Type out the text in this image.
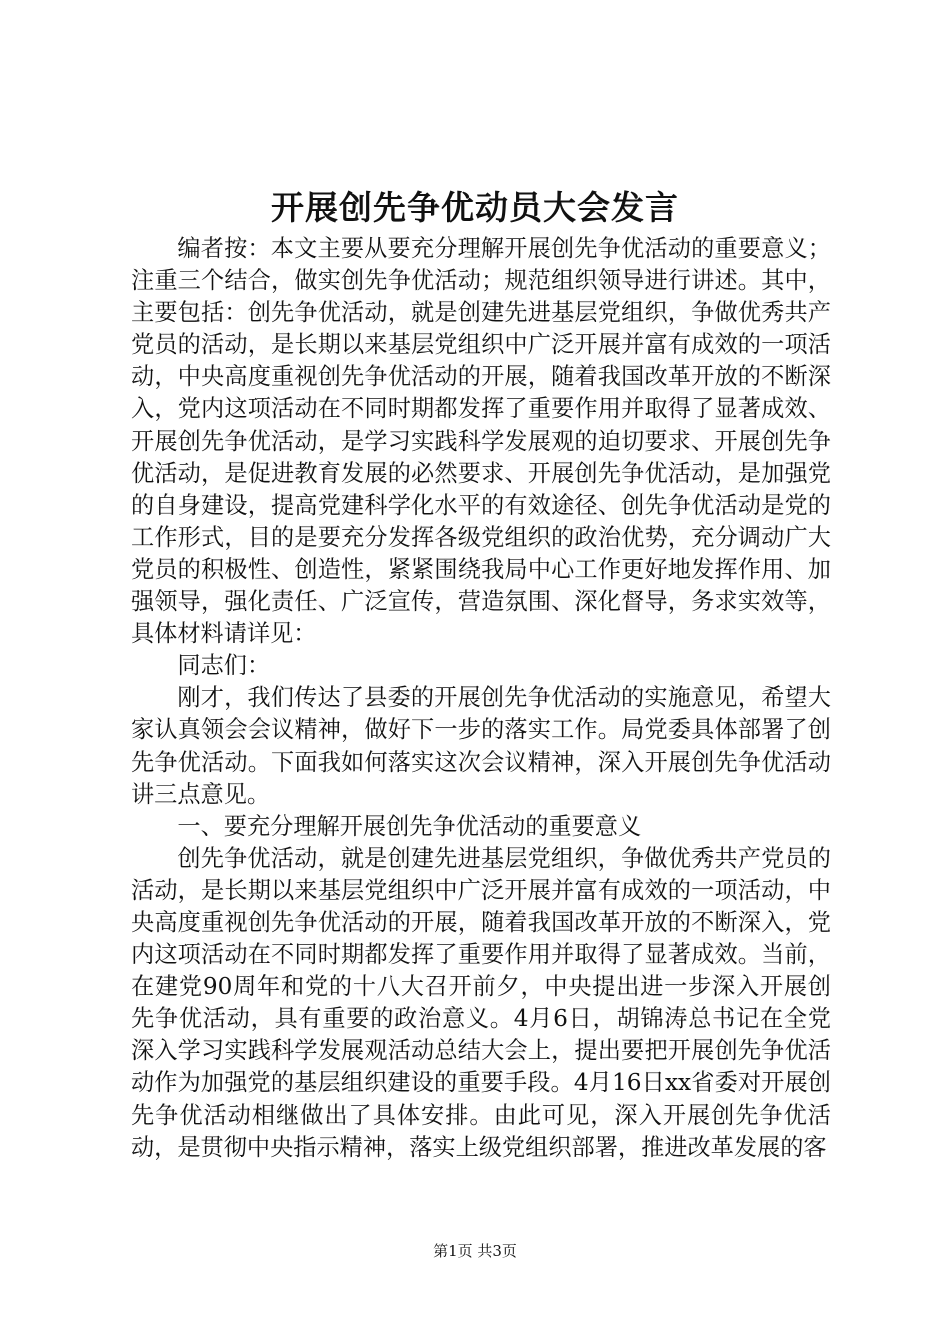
开展创先争优动员大会发言

编者按：本文主要从要充分理解开展创先争优活动的重要意义；注重三个结合，做实创先争优活动；规范组织领导进行讲述。其中，主要包括：创先争优活动，就是创建先进基层党组织，争做优秀共产党员的活动，是长期以来基层党组织中广泛开展并富有成效的一项活动，中央高度重视创先争优活动的开展，随着我国改革开放的不断深入，党内这项活动在不同时期都发挥了重要作用并取得了显著成效、开展创先争优活动，是学习实践科学发展观的迫切要求、开展创先争优活动，是促进教育发展的必然要求、开展创先争优活动，是加强党的自身建设，提高党建科学化水平的有效途径、创先争优活动是党的工作形式，目的是要充分发挥各级党组织的政治优势，充分调动广大党员的积极性、创造性，紧紧围绕我局中心工作更好地发挥作用、加强领导，强化责任、广泛宣传，营造氛围、深化督导，务求实效等，具体材料请详见：

同志们：

刚才，我们传达了县委的开展创先争优活动的实施意见，希望大家认真领会会议精神，做好下一步的落实工作。局党委具体部署了创先争优活动。下面我如何落实这次会议精神，深入开展创先争优活动讲三点意见。

一、要充分理解开展创先争优活动的重要意义

创先争优活动，就是创建先进基层党组织，争做优秀共产党员的活动，是长期以来基层党组织中广泛开展并富有成效的一项活动，中央高度重视创先争优活动的开展，随着我国改革开放的不断深入，党内这项活动在不同时期都发挥了重要作用并取得了显著成效。当前，在建党90周年和党的十八大召开前夕，中央提出进一步深入开展创先争优活动，具有重要的政治意义。4月6日，胡锦涛总书记在全党深入学习实践科学发展观活动总结大会上，提出要把开展创先争优活动作为加强党的基层组织建设的重要手段。4月16日xx省委对开展创先争优活动相继做出了具体安排。由此可见，深入开展创先争优活动，是贯彻中央指示精神，落实上级党组织部署，推进改革发展的客

第1页 共3页
